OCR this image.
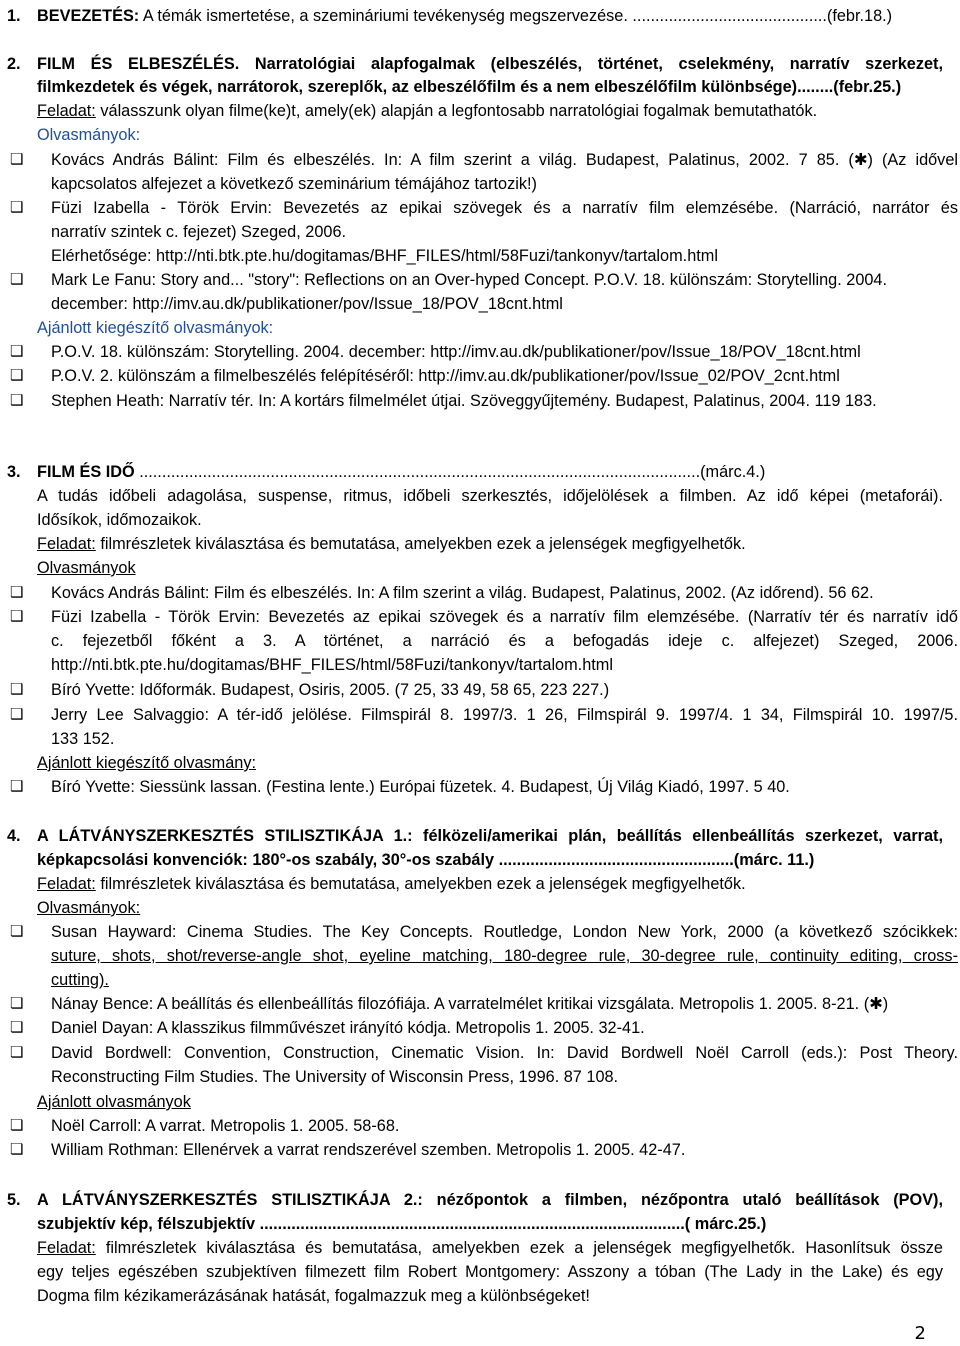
1. BEVEZETÉS: A témák ismertetése, a szemináriumi tevékenység megszervezése. ...........................................(febr.18.)
2. FILM ÉS ELBESZÉLÉS. Narratológiai alapfogalmak (elbeszélés, történet, cselekmény, narratív szerkezet,
filmkezdetek és végek, narrátorok, szereplők, az elbeszélőfilm és a nem elbeszélőfilm különbsége)........(febr.25.)
Feladat: válasszunk olyan filme(ke)t, amely(ek) alapján a legfontosabb narratológiai fogalmak bemutathatók.
Olvasmányok:
❑ Kovács András Bálint: Film és elbeszélés. In: A film szerint a világ. Budapest, Palatinus, 2002. 7 85. (✱) (Az idővel
kapcsolatos alfejezet a következő szeminárium témájához tartozik!)
❑ Füzi Izabella - Török Ervin: Bevezetés az epikai szövegek és a narratív film elemzésébe. (Narráció, narrátor és
narratív szintek c. fejezet) Szeged, 2006.
Elérhetősége: http://nti.btk.pte.hu/dogitamas/BHF_FILES/html/58Fuzi/tankonyv/tartalom.html
❑ Mark Le Fanu: Story and... "story": Reflections on an Over-hyped Concept. P.O.V. 18. különszám: Storytelling. 2004.
december: http://imv.au.dk/publikationer/pov/Issue_18/POV_18cnt.html
Ajánlott kiegészítő olvasmányok:
❑ P.O.V. 18. különszám: Storytelling. 2004. december: http://imv.au.dk/publikationer/pov/Issue_18/POV_18cnt.html
❑ P.O.V. 2. különszám a filmelbeszélés felépítéséről: http://imv.au.dk/publikationer/pov/Issue_02/POV_2cnt.html
❑ Stephen Heath: Narratív tér. In: A kortárs filmelmélet útjai. Szöveggyűjtemény. Budapest, Palatinus, 2004. 119 183.
3. FILM ÉS IDŐ ............................................................................................................................(márc.4.)
A tudás időbeli adagolása, suspense, ritmus, időbeli szerkesztés, időjelölések a filmben. Az idő képei (metaforái).
Idősíkok, időmozaikok.
Feladat: filmrészletek kiválasztása és bemutatása, amelyekben ezek a jelenségek megfigyelhetők.
Olvasmányok
❑ Kovács András Bálint: Film és elbeszélés. In: A film szerint a világ. Budapest, Palatinus, 2002. (Az időrend). 56 62.
❑ Füzi Izabella - Török Ervin: Bevezetés az epikai szövegek és a narratív film elemzésébe. (Narratív tér és narratív idő
c. fejezetből főként a 3. A történet, a narráció és a befogadás ideje c. alfejezet) Szeged, 2006.
http://nti.btk.pte.hu/dogitamas/BHF_FILES/html/58Fuzi/tankonyv/tartalom.html
❑ Bíró Yvette: Időformák. Budapest, Osiris, 2005. (7 25, 33 49, 58 65, 223 227.)
❑ Jerry Lee Salvaggio: A tér-idő jelölése. Filmspirál 8. 1997/3. 1 26, Filmspirál 9. 1997/4. 1 34, Filmspirál 10. 1997/5.
133 152.
Ajánlott kiegészítő olvasmány:
❑ Bíró Yvette: Siessünk lassan. (Festina lente.) Európai füzetek. 4. Budapest, Új Világ Kiadó, 1997. 5 40.
4. A LÁTVÁNYSZERKESZTÉS STILISZTIKÁJA 1.: félközeli/amerikai plán, beállítás ellenbeállítás szerkezet, varrat,
képkapcsolási konvenciók: 180°-os szabály, 30°-os szabály ....................................................(márc. 11.)
Feladat: filmrészletek kiválasztása és bemutatása, amelyekben ezek a jelenségek megfigyelhetők.
Olvasmányok:
❏ Susan Hayward: Cinema Studies. The Key Concepts. Routledge, London New York, 2000 (a következő szócikkek:
suture, shots, shot/reverse-angle shot, eyeline matching, 180-degree rule, 30-degree rule, continuity editing, cross-
cutting).
❏ Nánay Bence: A beállítás és ellenbeállítás filozófiája. A varratelmélet kritikai vizsgálata. Metropolis 1. 2005. 8-21. (✱)
❏ Daniel Dayan: A klasszikus filmművészet irányító kódja. Metropolis 1. 2005. 32-41.
❏ David Bordwell: Convention, Construction, Cinematic Vision. In: David Bordwell Noël Carroll (eds.): Post Theory.
Reconstructing Film Studies. The University of Wisconsin Press, 1996. 87 108.
Ajánlott olvasmányok
❏ Noël Carroll: A varrat. Metropolis 1. 2005. 58-68.
❏ William Rothman: Ellenérvek a varrat rendszerével szemben. Metropolis 1. 2005. 42-47.
5. A LÁTVÁNYSZERKESZTÉS STILISZTIKÁJA 2.: nézőpontok a filmben, nézőpontra utaló beállítások (POV),
szubjektív kép, félszubjektív ..............................................................................................( márc.25.)
Feladat: filmrészletek kiválasztása és bemutatása, amelyekben ezek a jelenségek megfigyelhetők. Hasonlítsuk össze
egy teljes egészében szubjektíven filmezett film Robert Montgomery: Asszony a tóban (The Lady in the Lake) és egy
Dogma film kézikamerázásának hatását, fogalmazzuk meg a különbségeket!
2
